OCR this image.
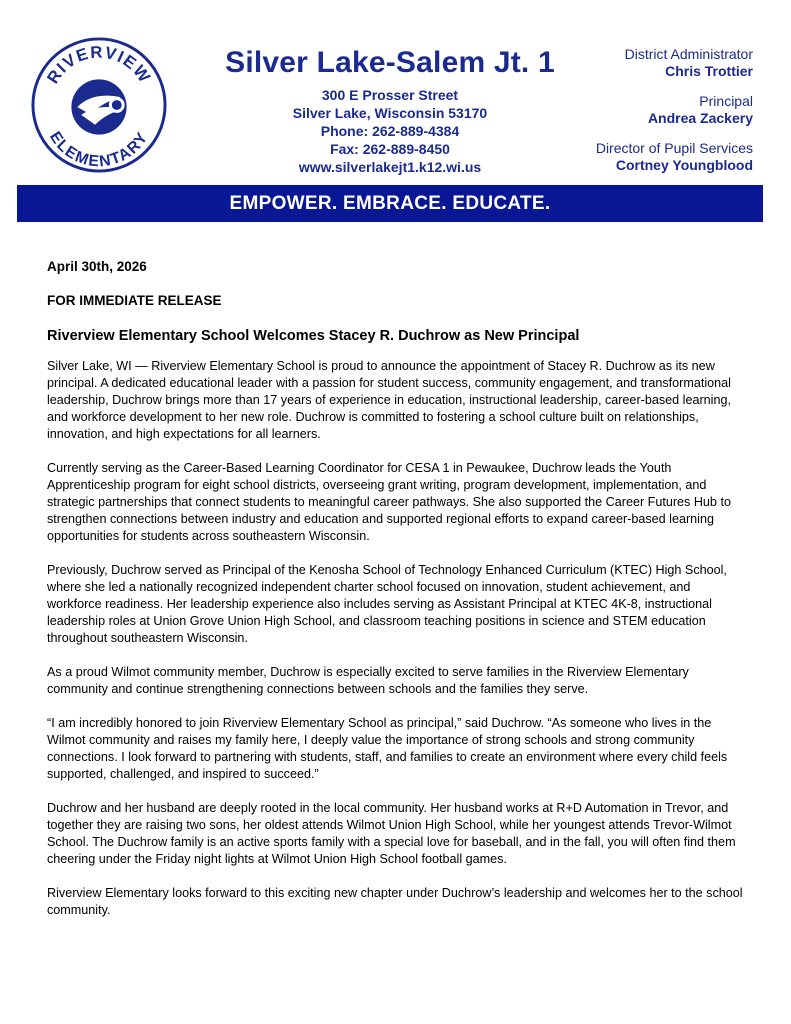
RIVERVIEW
ELEMENTARY
Silver Lake-Salem Jt. 1
300 E Prosser Street
Silver Lake, Wisconsin 53170
Phone: 262-889-4384
Fax: 262-889-8450
www.silverlakejt1.k12.wi.us
District Administrator
Chris Trottier
Principal
Andrea Zackery
Director of Pupil Services
Cortney Youngblood
EMPOWER. EMBRACE. EDUCATE.
April 30th, 2026
FOR IMMEDIATE RELEASE
Riverview Elementary School Welcomes Stacey R. Duchrow as New Principal

Silver Lake, WI — Riverview Elementary School is proud to announce the appointment of Stacey R. Duchrow as its new principal. A dedicated educational leader with a passion for student success, community engagement, and transformational leadership, Duchrow brings more than 17 years of experience in education, instructional leadership, career-based learning, and workforce development to her new role. Duchrow is committed to fostering a school culture built on relationships, innovation, and high expectations for all learners.

Currently serving as the Career-Based Learning Coordinator for CESA 1 in Pewaukee, Duchrow leads the Youth Apprenticeship program for eight school districts, overseeing grant writing, program development, implementation, and strategic partnerships that connect students to meaningful career pathways. She also supported the Career Futures Hub to strengthen connections between industry and education and supported regional efforts to expand career-based learning opportunities for students across southeastern Wisconsin.

Previously, Duchrow served as Principal of the Kenosha School of Technology Enhanced Curriculum (KTEC) High School, where she led a nationally recognized independent charter school focused on innovation, student achievement, and workforce readiness. Her leadership experience also includes serving as Assistant Principal at KTEC 4K-8, instructional leadership roles at Union Grove Union High School, and classroom teaching positions in science and STEM education throughout southeastern Wisconsin.

As a proud Wilmot community member, Duchrow is especially excited to serve families in the Riverview Elementary community and continue strengthening connections between schools and the families they serve.

“I am incredibly honored to join Riverview Elementary School as principal,” said Duchrow. “As someone who lives in the Wilmot community and raises my family here, I deeply value the importance of strong schools and strong community connections. I look forward to partnering with students, staff, and families to create an environment where every child feels supported, challenged, and inspired to succeed.”

Duchrow and her husband are deeply rooted in the local community. Her husband works at R+D Automation in Trevor, and together they are raising two sons, her oldest attends Wilmot Union High School, while her youngest attends Trevor-Wilmot School. The Duchrow family is an active sports family with a special love for baseball, and in the fall, you will often find them cheering under the Friday night lights at Wilmot Union High School football games.

Riverview Elementary looks forward to this exciting new chapter under Duchrow’s leadership and welcomes her to the school community.
